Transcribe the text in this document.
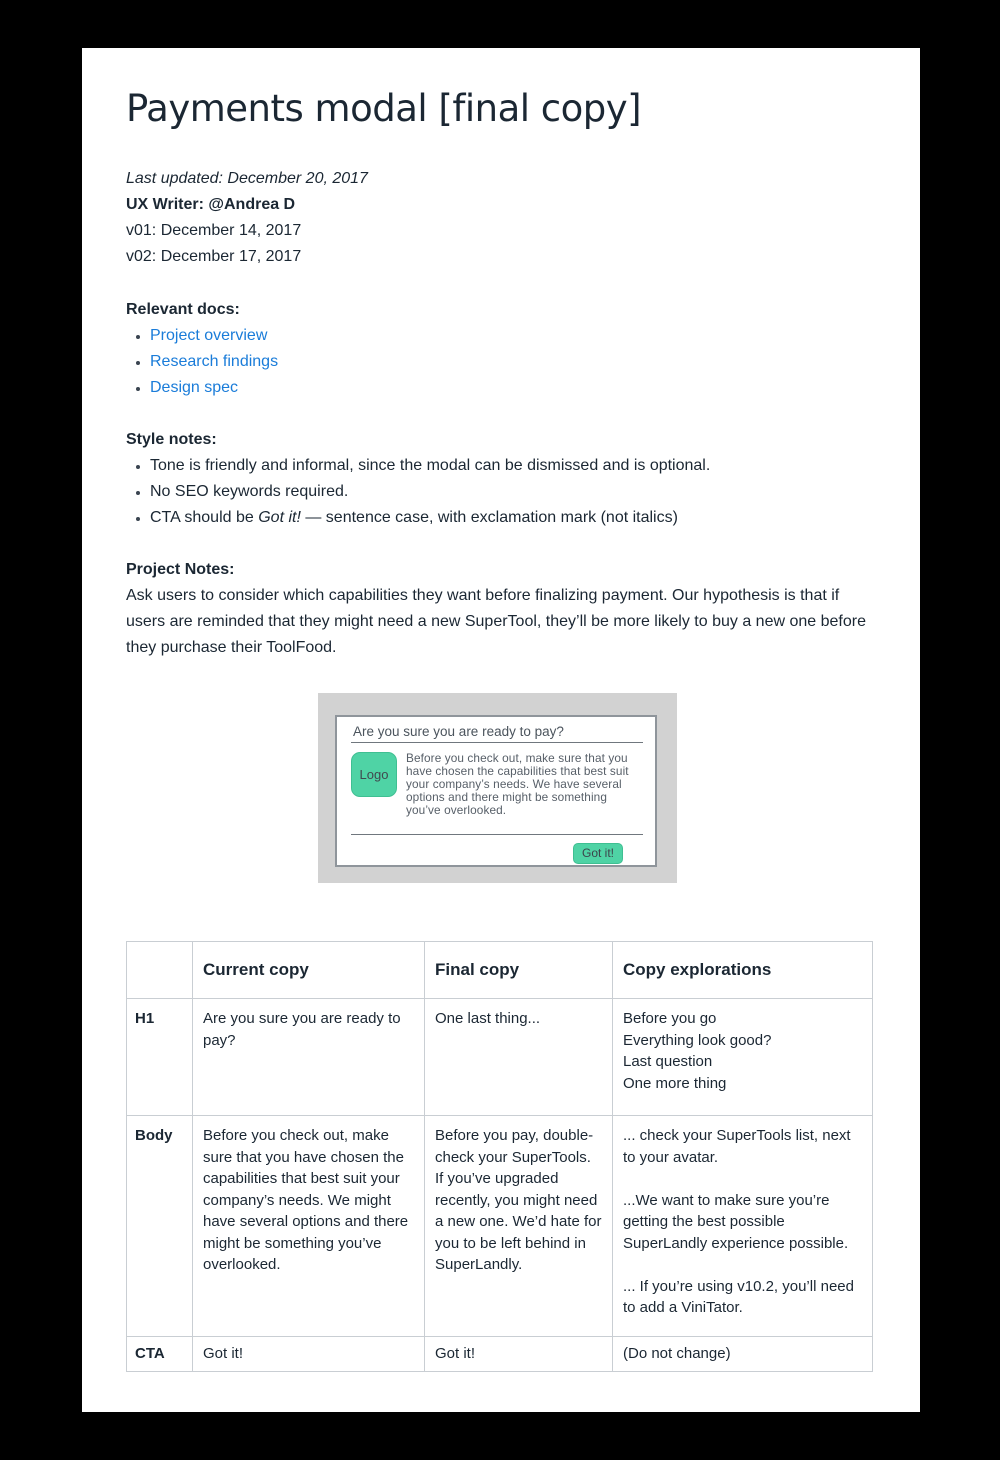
Payments modal [final copy]
Last updated: December 20, 2017
UX Writer: @Andrea D
v01: December 14, 2017
v02: December 17, 2017
Relevant docs:
• Project overview
• Research findings
• Design spec
Style notes:
• Tone is friendly and informal, since the modal can be dismissed and is optional.
• No SEO keywords required.
• CTA should be Got it! — sentence case, with exclamation mark (not italics)
Project Notes:

Ask users to consider which capabilities they want before finalizing payment. Our hypothesis is that if users are reminded that they might need a new SuperTool, they’ll be more likely to buy a new one before they purchase their ToolFood.

Are you sure you are ready to pay?
Logo
Before you check out, make sure that you have chosen the capabilities that best suit your company’s needs. We have several options and there might be something you’ve overlooked.
Got it!
	Current copy	Final copy	Copy explorations
H1	Are you sure you are ready to pay?	One last thing...	Before you go
Everything look good?
Last question
One more thing

Body	Before you check out, make sure that you have chosen the capabilities that best suit your company’s needs. We might have several options and there might be something you’ve overlooked.	Before you pay, double-check your SuperTools. If you’ve upgraded recently, you might need a new one. We’d hate for you to be left behind in SuperLandly.	... check your SuperTools list, next to your avatar.
...We want to make sure you’re getting the best possible SuperLandly experience possible.
... If you’re using v10.2, you’ll need to add a ViniTator.

CTA	Got it!	Got it!	(Do not change)
